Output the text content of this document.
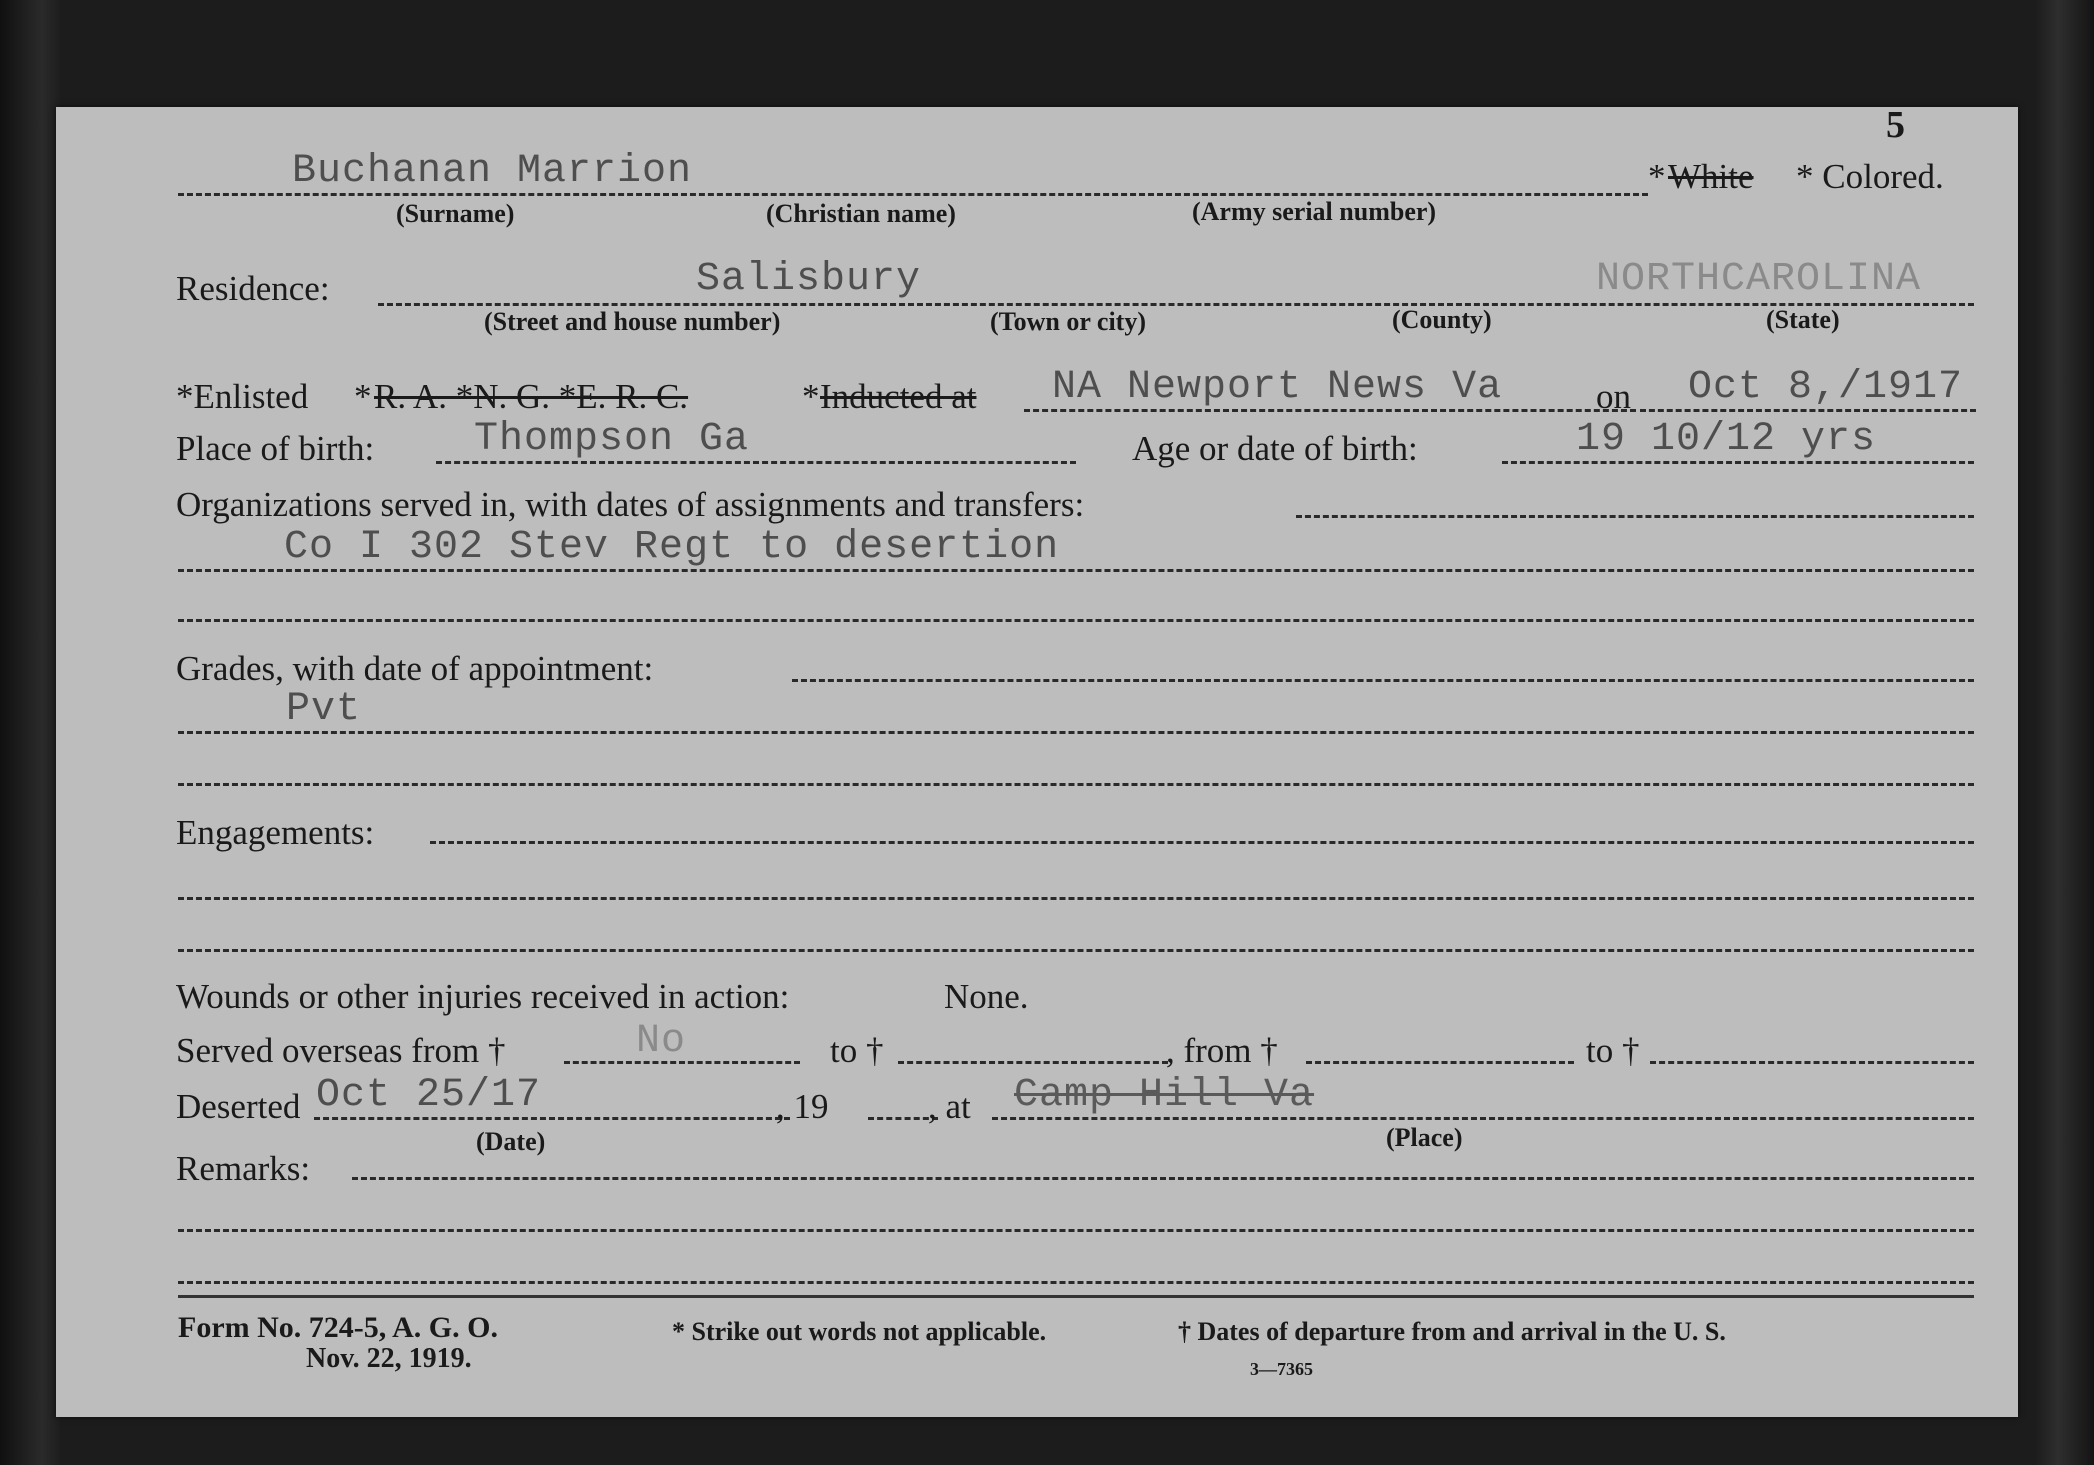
5
Buchanan Marrion	* White * Colored.
(Surname)	(Christian name)	(Army serial number)
Residence:	Salisbury	NORTHCAROLINA
(Street and house number)	(Town or city)	(County)	(State)
*Enlisted * R. A. *N. G. *E. R. C.	* Inducted at NA Newport News Va	on Oct 8,/1917
Place of birth: Thompson Ga	Age or date of birth:	19 10/12 yrs
Organizations served in, with dates of assignments and transfers:
Co I 302 Stev Regt to desertion
Grades, with date of appointment:
Pvt
Engagements:
Wounds or other injuries received in action:	None.
Served overseas from †	No	to †	, from †	to †
Deserted Oct 25/17	, 19	, at Camp Hill Va
(Date)	(Place)
Remarks:
Form No. 724-5, A. G. O.
Nov. 22, 1919.
* Strike out words not applicable.	† Dates of departure from and arrival in the U. S.
3—7365
